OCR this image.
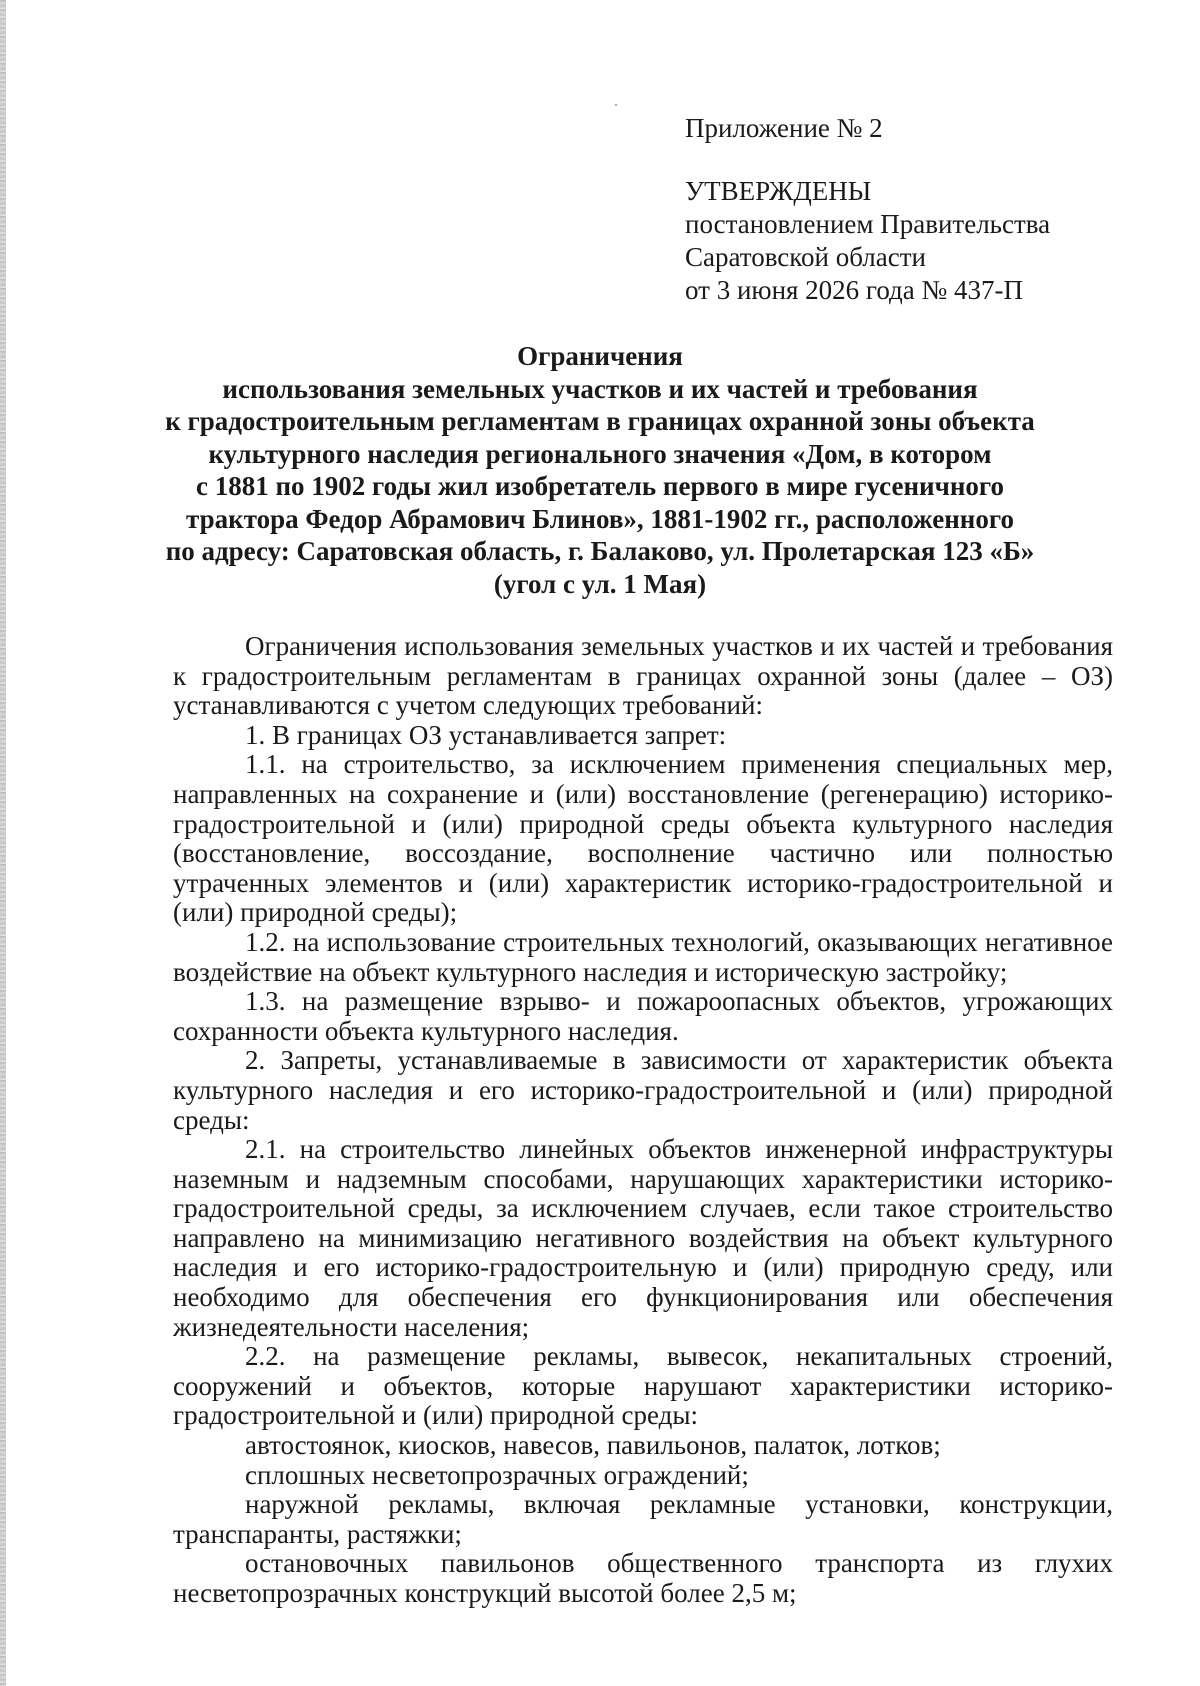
Приложение № 2
УТВЕРЖДЕНЫ
постановлением Правительства
Саратовской области
от 3 июня 2026 года № 437-П
Ограничения
использования земельных участков и их частей и требования
к градостроительным регламентам в границах охранной зоны объекта
культурного наследия регионального значения «Дом, в котором
с 1881 по 1902 годы жил изобретатель первого в мире гусеничного
трактора Федор Абрамович Блинов», 1881-1902 гг., расположенного
по адресу: Саратовская область, г. Балаково, ул. Пролетарская 123 «Б»
(угол с ул. 1 Мая)

Ограничения использования земельных участков и их частей и требования к градостроительным регламентам в границах охранной зоны (далее – ОЗ) устанавливаются с учетом следующих требований:

1. В границах ОЗ устанавливается запрет:

1.1. на строительство, за исключением применения специальных мер, направленных на сохранение и (или) восстановление (регенерацию) историко-градостроительной и (или) природной среды объекта культурного наследия (восстановление, воссоздание, восполнение частично или полностью утраченных элементов и (или) характеристик историко-градостроительной и (или) природной среды);

1.2. на использование строительных технологий, оказывающих негативное воздействие на объект культурного наследия и историческую застройку;

1.3. на размещение взрыво- и пожароопасных объектов, угрожающих сохранности объекта культурного наследия.

2. Запреты, устанавливаемые в зависимости от характеристик объекта культурного наследия и его историко-градостроительной и (или) природной среды:

2.1. на строительство линейных объектов инженерной инфраструктуры наземным и надземным способами, нарушающих характеристики историко-градостроительной среды, за исключением случаев, если такое строительство направлено на минимизацию негативного воздействия на объект культурного наследия и его историко-градостроительную и (или) природную среду, или необходимо для обеспечения его функционирования или обеспечения жизнедеятельности населения;

2.2. на размещение рекламы, вывесок, некапитальных строений, сооружений и объектов, которые нарушают характеристики историко-градостроительной и (или) природной среды:

автостоянок, киосков, навесов, павильонов, палаток, лотков;

сплошных несветопрозрачных ограждений;

наружной рекламы, включая рекламные установки, конструкции, транспаранты, растяжки;

остановочных павильонов общественного транспорта из глухих несветопрозрачных конструкций высотой более 2,5 м;
